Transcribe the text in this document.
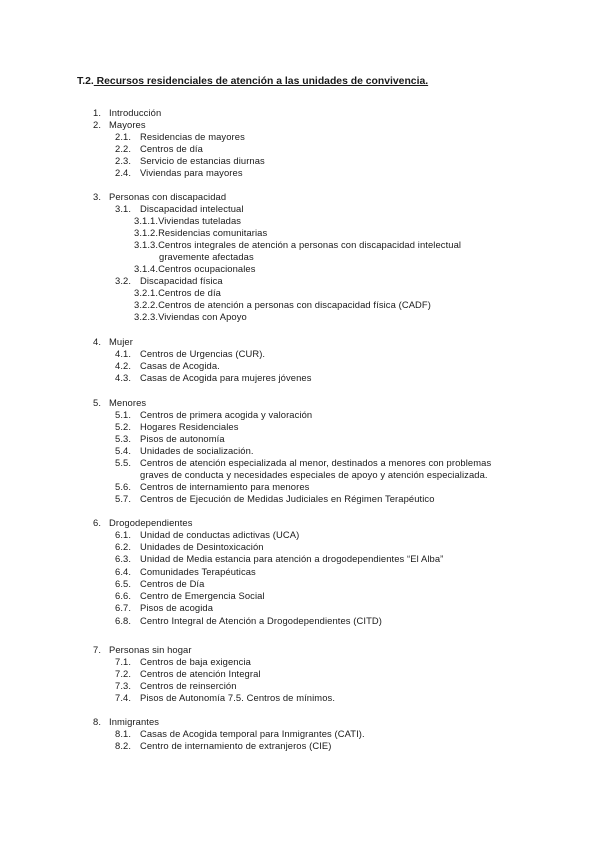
T.2. Recursos residenciales de atención a las unidades de convivencia.
1. Introducción
2. Mayores
2.1. Residencias de mayores
2.2. Centros de día
2.3. Servicio de estancias diurnas
2.4. Viviendas para mayores
3. Personas con discapacidad
3.1. Discapacidad intelectual
3.1.1.Viviendas tuteladas
3.1.2.Residencias comunitarias
3.1.3.Centros integrales de atención a personas con discapacidad intelectual
gravemente afectadas
3.1.4.Centros ocupacionales
3.2. Discapacidad física
3.2.1.Centros de día
3.2.2.Centros de atención a personas con discapacidad física (CADF)
3.2.3.Viviendas con Apoyo
4. Mujer
4.1. Centros de Urgencias (CUR).
4.2. Casas de Acogida.
4.3. Casas de Acogida para mujeres jóvenes
5. Menores
5.1. Centros de primera acogida y valoración
5.2. Hogares Residenciales
5.3. Pisos de autonomía
5.4. Unidades de socialización.
5.5. Centros de atención especializada al menor, destinados a menores con problemas
graves de conducta y necesidades especiales de apoyo y atención especializada.
5.6. Centros de internamiento para menores
5.7. Centros de Ejecución de Medidas Judiciales en Régimen Terapéutico
6. Drogodependientes
6.1. Unidad de conductas adictivas (UCA)
6.2. Unidades de Desintoxicación
6.3. Unidad de Media estancia para atención a drogodependientes “El Alba”
6.4. Comunidades Terapéuticas
6.5. Centros de Día
6.6. Centro de Emergencia Social
6.7. Pisos de acogida
6.8. Centro Integral de Atención a Drogodependientes (CITD)
7. Personas sin hogar
7.1. Centros de baja exigencia
7.2. Centros de atención Integral
7.3. Centros de reinserción
7.4. Pisos de Autonomía 7.5. Centros de mínimos.
8. Inmigrantes
8.1. Casas de Acogida temporal para Inmigrantes (CATI).
8.2. Centro de internamiento de extranjeros (CIE)
